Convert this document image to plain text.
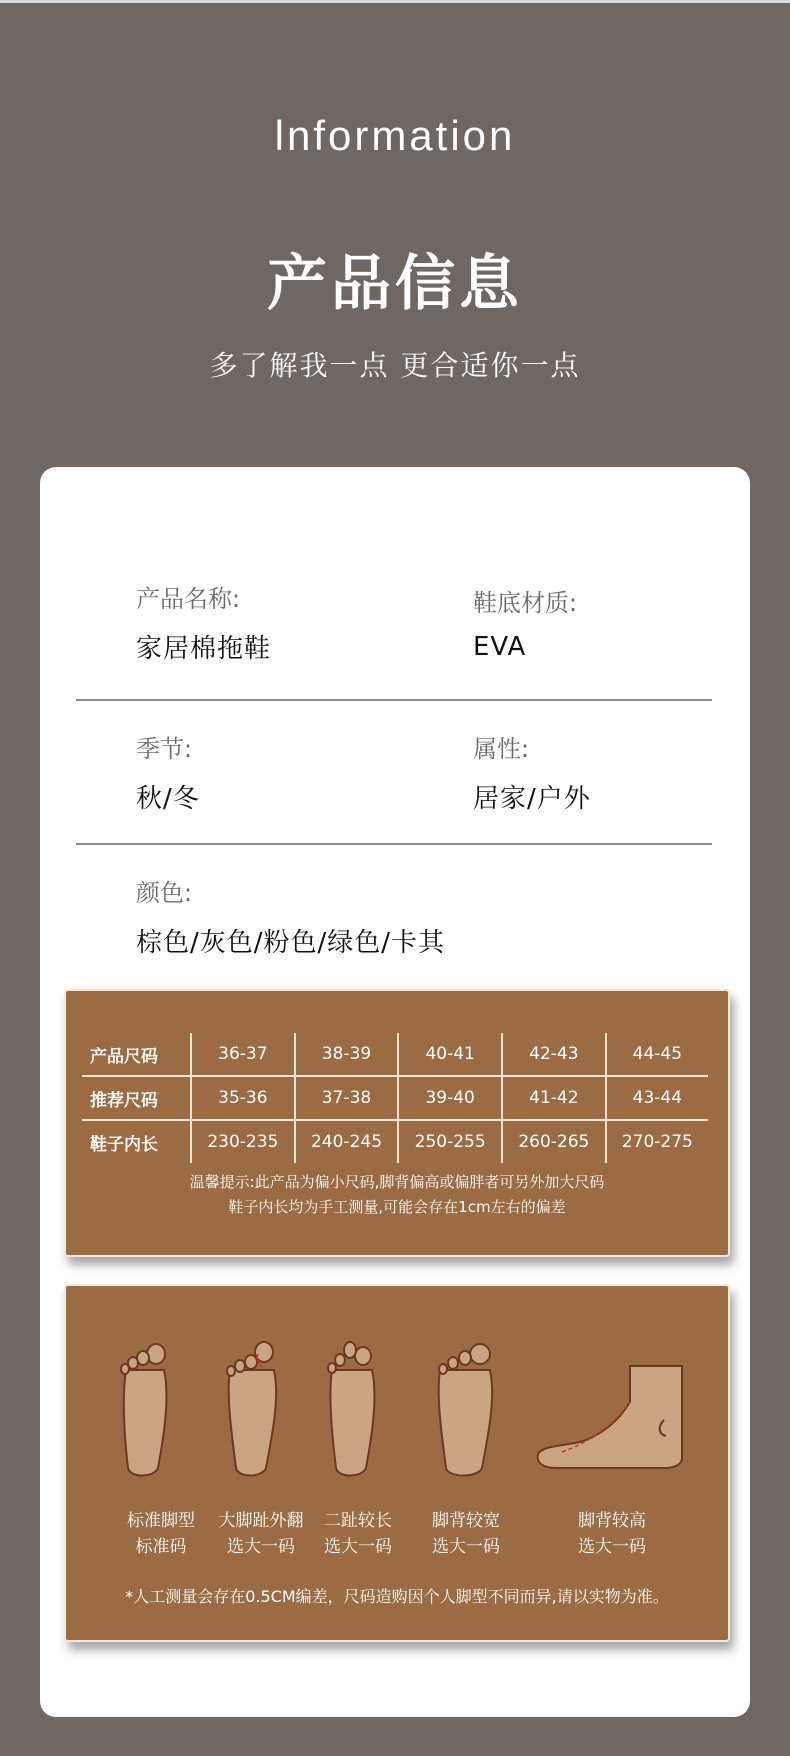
lnformation
产品信息
多了解我一点 更合适你一点
产品名称:
家居棉拖鞋
鞋底材质:
EVA
季节:
秋/冬
属性:
居家/户外
颜色:
棕色/灰色/粉色/绿色/卡其
产品尺码	36-37	38-39	40-41	42-43	44-45
推荐尺码	35-36	37-38	39-40	41-42	43-44
鞋子内长	230-235	240-245	250-255	260-265	270-275
温馨提示:此产品为偏小尺码,脚背偏高或偏胖者可另外加大尺码
鞋子内长均为手工测量,可能会存在1cm左右的偏差
标准脚型
标准码
大脚趾外翻
选大一码
二趾较长
选大一码
脚背较宽
选大一码
脚背较高
选大一码
*人工测量会存在0.5CM编差，尺码造购因个人脚型不同而异,请以实物为准。
